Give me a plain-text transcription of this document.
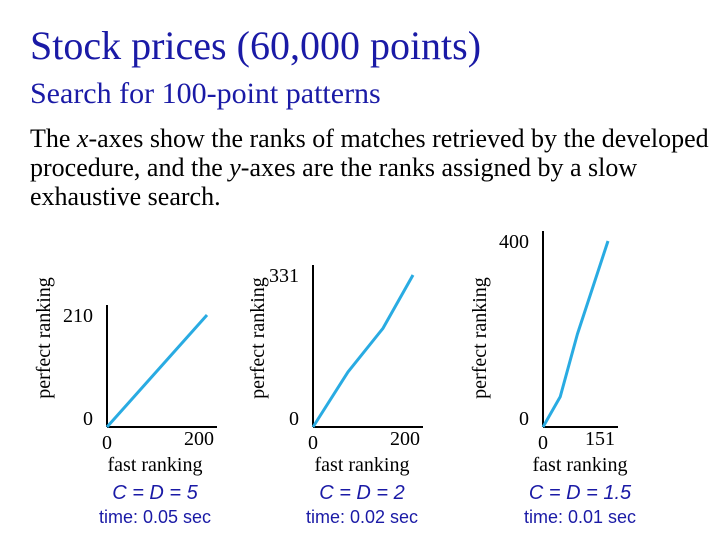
Stock prices (60,000 points)
Search for 100-point patterns
The x-axes show the ranks of matches retrieved by the developed procedure, and the y-axes are the ranks assigned by a slow exhaustive search.
0
210
0	200
fast ranking
perfect ranking
0
331
0	200
fast ranking
perfect ranking
0
400
0 151
fast ranking
perfect ranking
C = D = 5
time: 0.05 sec
C = D = 2
time: 0.02 sec
C = D = 1.5
time: 0.01 sec
